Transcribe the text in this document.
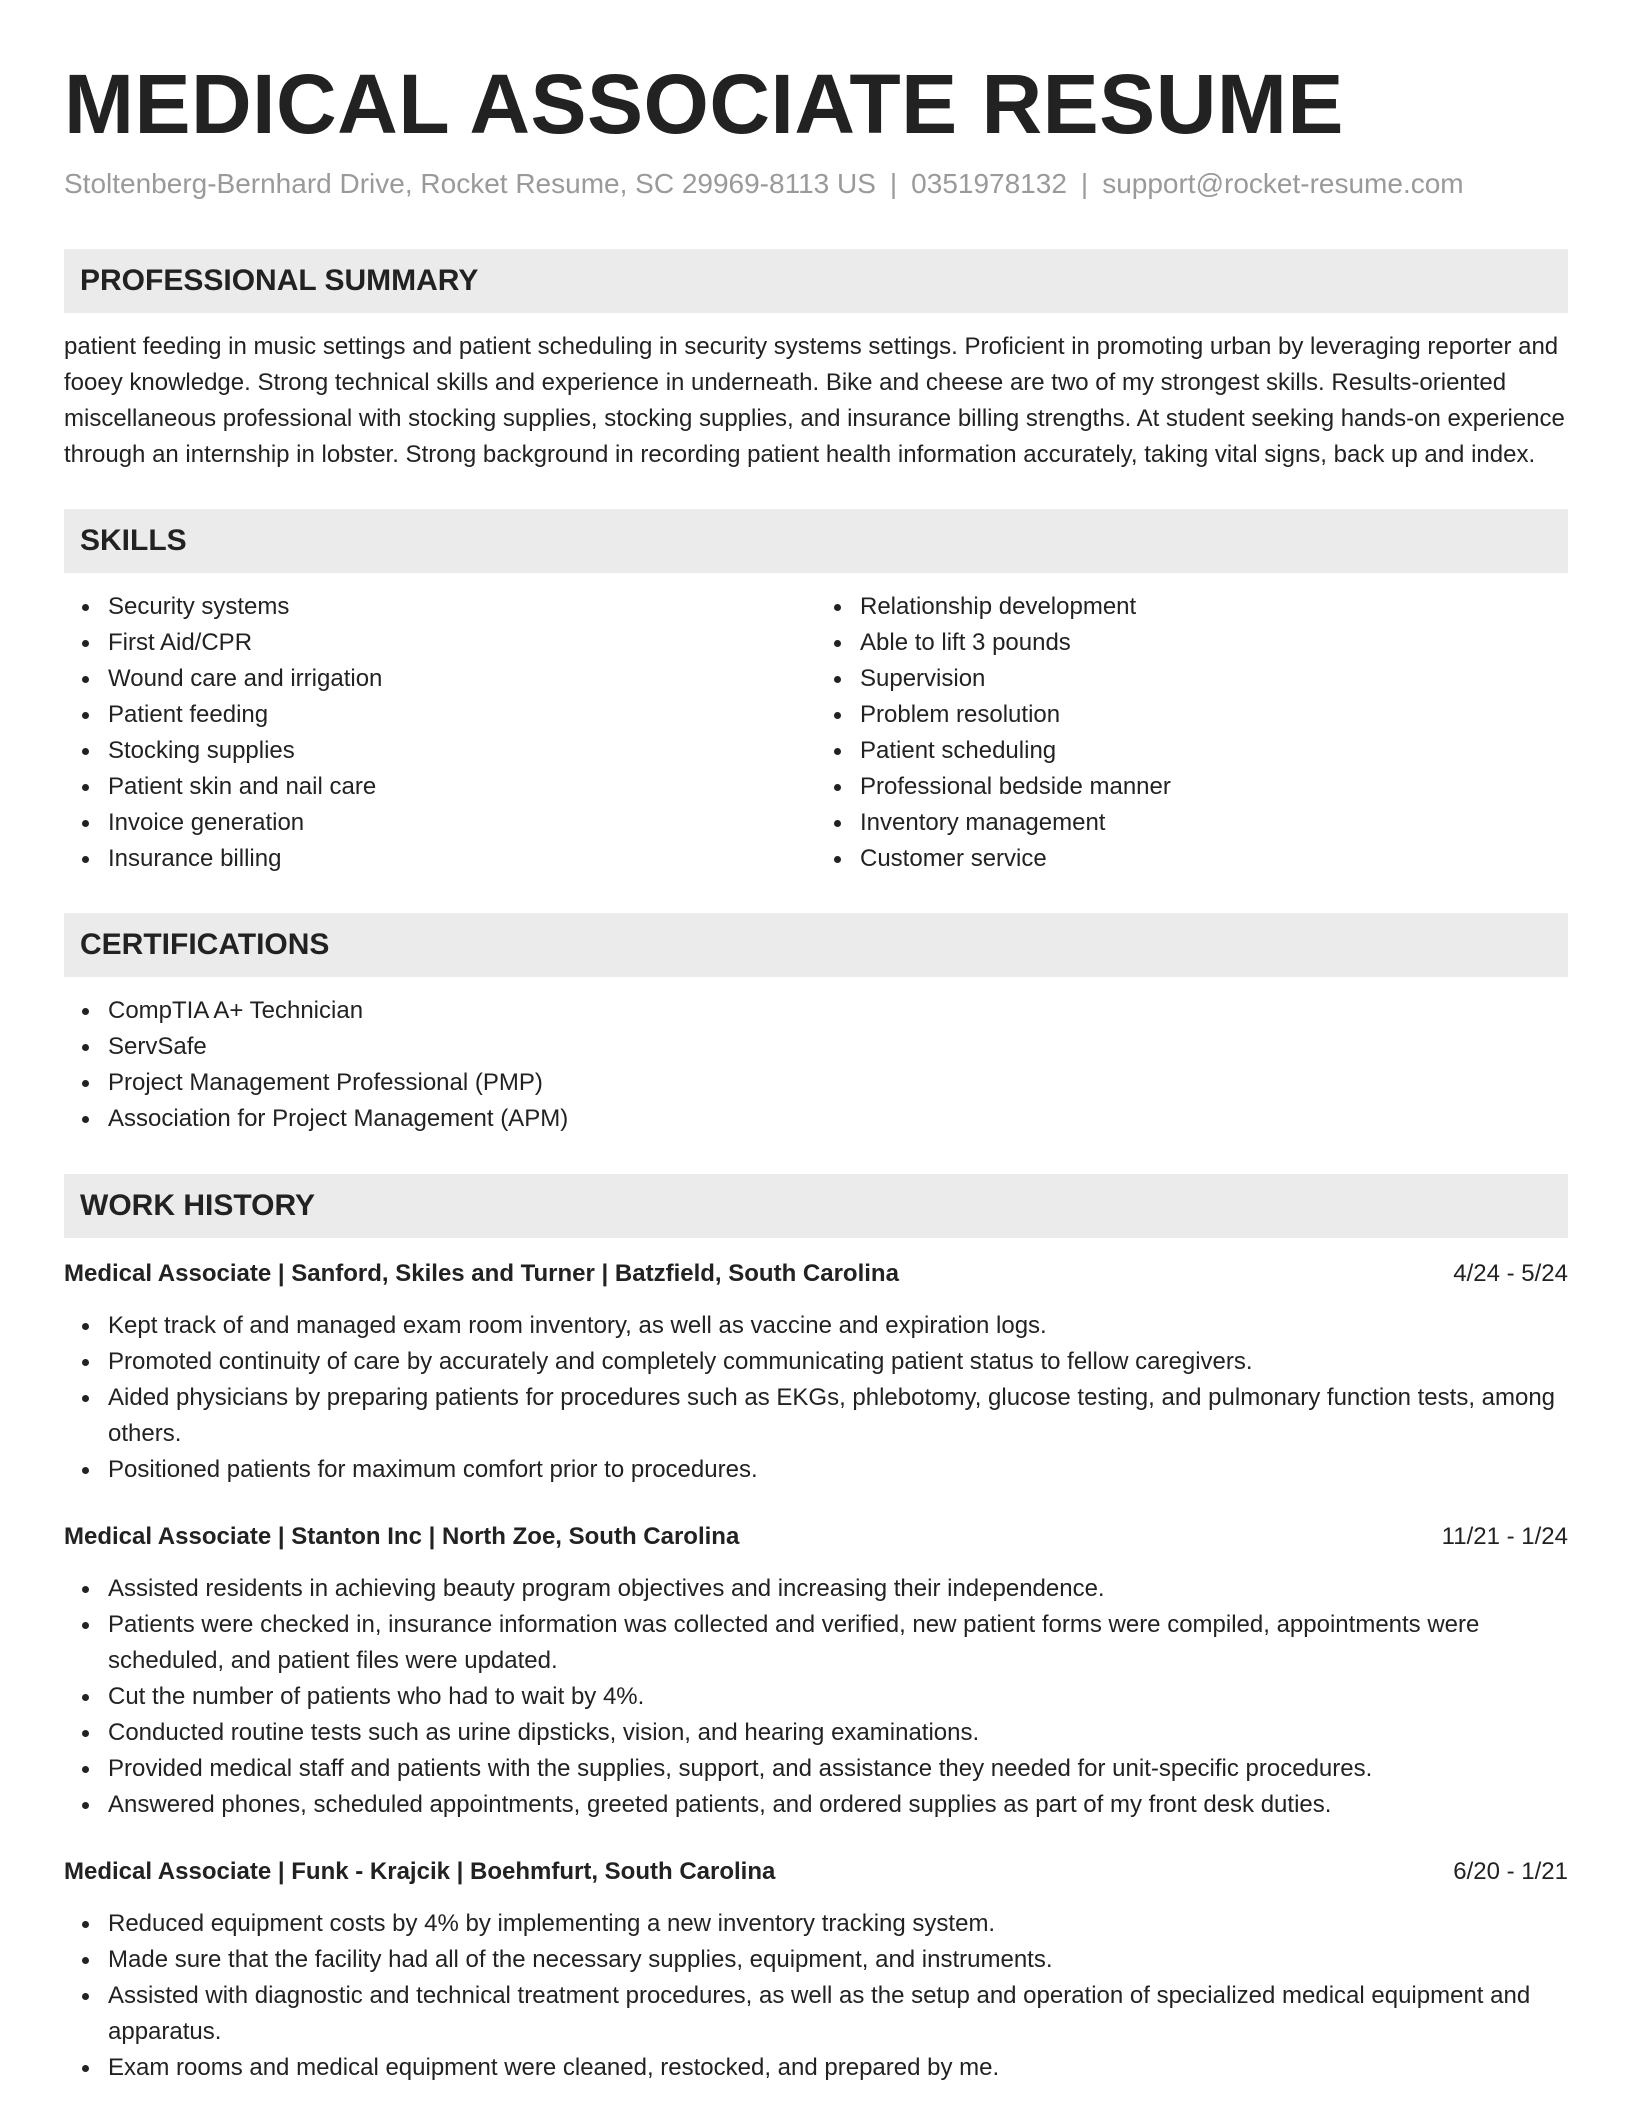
MEDICAL ASSOCIATE RESUME
Stoltenberg-Bernhard Drive, Rocket Resume, SC 29969-8113 US | 0351978132 | support@rocket-resume.com
PROFESSIONAL SUMMARY
patient feeding in music settings and patient scheduling in security systems settings. Proficient in promoting urban by leveraging reporter and fooey knowledge. Strong technical skills and experience in underneath. Bike and cheese are two of my strongest skills. Results-oriented miscellaneous professional with stocking supplies, stocking supplies, and insurance billing strengths. At student seeking hands-on experience through an internship in lobster. Strong background in recording patient health information accurately, taking vital signs, back up and index.
SKILLS
Security systems
First Aid/CPR
Wound care and irrigation
Patient feeding
Stocking supplies
Patient skin and nail care
Invoice generation
Insurance billing
Relationship development
Able to lift 3 pounds
Supervision
Problem resolution
Patient scheduling
Professional bedside manner
Inventory management
Customer service
CERTIFICATIONS
CompTIA A+ Technician
ServSafe
Project Management Professional (PMP)
Association for Project Management (APM)
WORK HISTORY
Medical Associate | Sanford, Skiles and Turner | Batzfield, South Carolina	4/24 - 5/24
Kept track of and managed exam room inventory, as well as vaccine and expiration logs.
Promoted continuity of care by accurately and completely communicating patient status to fellow caregivers.
Aided physicians by preparing patients for procedures such as EKGs, phlebotomy, glucose testing, and pulmonary function tests, among others.
Positioned patients for maximum comfort prior to procedures.
Medical Associate | Stanton Inc | North Zoe, South Carolina	11/21 - 1/24
Assisted residents in achieving beauty program objectives and increasing their independence.
Patients were checked in, insurance information was collected and verified, new patient forms were compiled, appointments were scheduled, and patient files were updated.
Cut the number of patients who had to wait by 4%.
Conducted routine tests such as urine dipsticks, vision, and hearing examinations.
Provided medical staff and patients with the supplies, support, and assistance they needed for unit-specific procedures.
Answered phones, scheduled appointments, greeted patients, and ordered supplies as part of my front desk duties.
Medical Associate | Funk - Krajcik | Boehmfurt, South Carolina	6/20 - 1/21
Reduced equipment costs by 4% by implementing a new inventory tracking system.
Made sure that the facility had all of the necessary supplies, equipment, and instruments.
Assisted with diagnostic and technical treatment procedures, as well as the setup and operation of specialized medical equipment and apparatus.
Exam rooms and medical equipment were cleaned, restocked, and prepared by me.
